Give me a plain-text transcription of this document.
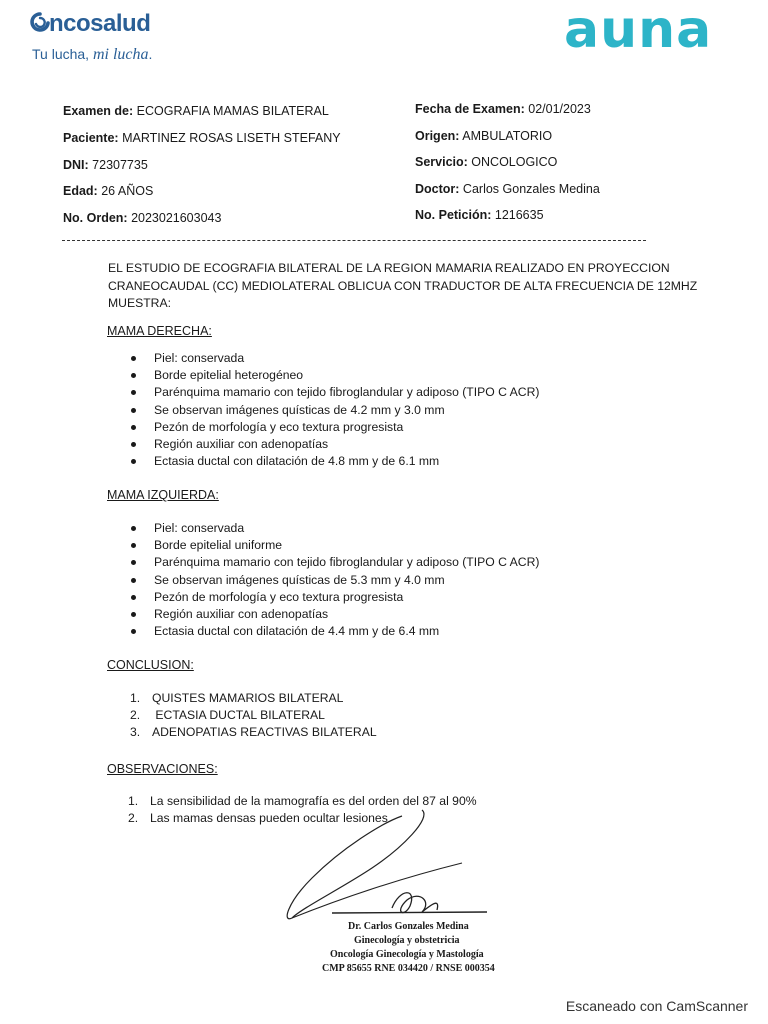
ncosalud
Tu lucha, mi lucha.	auna
Examen de: ECOGRAFIA MAMAS BILATERAL
Paciente: MARTINEZ ROSAS LISETH STEFANY
DNI: 72307735
Edad: 26 AÑOS
No. Orden: 2023021603043
Fecha de Examen: 02/01/2023
Origen: AMBULATORIO
Servicio: ONCOLOGICO
Doctor: Carlos Gonzales Medina
No. Petición: 1216635
EL ESTUDIO DE ECOGRAFIA BILATERAL DE LA REGION MAMARIA REALIZADO EN PROYECCION
CRANEOCAUDAL (CC) MEDIOLATERAL OBLICUA CON TRADUCTOR DE ALTA FRECUENCIA DE 12MHZ
MUESTRA:
MAMA DERECHA:
Piel: conservada
Borde epitelial heterogéneo
Parénquima mamario con tejido fibroglandular y adiposo (TIPO C ACR)
Se observan imágenes quísticas de 4.2 mm y 3.0 mm
Pezón de morfología y eco textura progresista
Región auxiliar con adenopatías
Ectasia ductal con dilatación de 4.8 mm y de 6.1 mm
MAMA IZQUIERDA:
Piel: conservada
Borde epitelial uniforme
Parénquima mamario con tejido fibroglandular y adiposo (TIPO C ACR)
Se observan imágenes quísticas de 5.3 mm y 4.0 mm
Pezón de morfología y eco textura progresista
Región auxiliar con adenopatías
Ectasia ductal con dilatación de 4.4 mm y de 6.4 mm
CONCLUSION:
1. QUISTES MAMARIOS BILATERAL
2. ECTASIA DUCTAL BILATERAL
3. ADENOPATIAS REACTIVAS BILATERAL
OBSERVACIONES:
1. La sensibilidad de la mamografía es del orden del 87 al 90%
2. Las mamas densas pueden ocultar lesiones
Dr. Carlos Gonzales Medina
Ginecología y obstetricia
Oncología Ginecología y Mastología
CMP 85655 RNE 034420 / RNSE 000354
Escaneado con CamScanner
